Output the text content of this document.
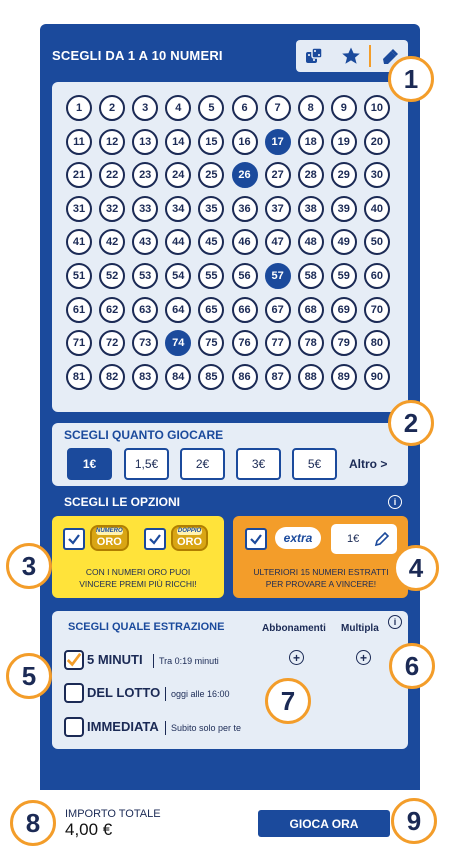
SCEGLI DA 1 A 10 NUMERI
1	2	3	4	5	6	7	8	9	10
11	12	13	14	15	16	17	18	19	20
21	22	23	24	25	26	27	28	29	30
31	32	33	34	35	36	37	38	39	40
41	42	43	44	45	46	47	48	49	50
51	52	53	54	55	56	57	58	59	60
61	62	63	64	65	66	67	68	69	70
71	72	73	74	75	76	77	78	79	80
81	82	83	84	85	86	87	88	89	90
SCEGLI QUANTO GIOCARE
1€	1,5€	2€	3€	5€	Altro >
SCEGLI LE OPZIONI	i
NUMERO
ORO
DOPPIO
ORO
CON I NUMERI ORO PUOI
VINCERE PREMI PIÙ RICCHI!
extra	1€
ULTERIORI 15 NUMERI ESTRATTI
PER PROVARE A VINCERE!
SCEGLI QUALE ESTRAZIONE	Abbonamenti Multipla
i
5 MINUTI	Tra 0:19 minuti	+	+
DEL LOTTO	oggi alle 16:00
IMMEDIATA	Subito solo per te
IMPORTO TOTALE
4,00 €	GIOCA ORA
1
2
3	4
5	6
7
8	9
